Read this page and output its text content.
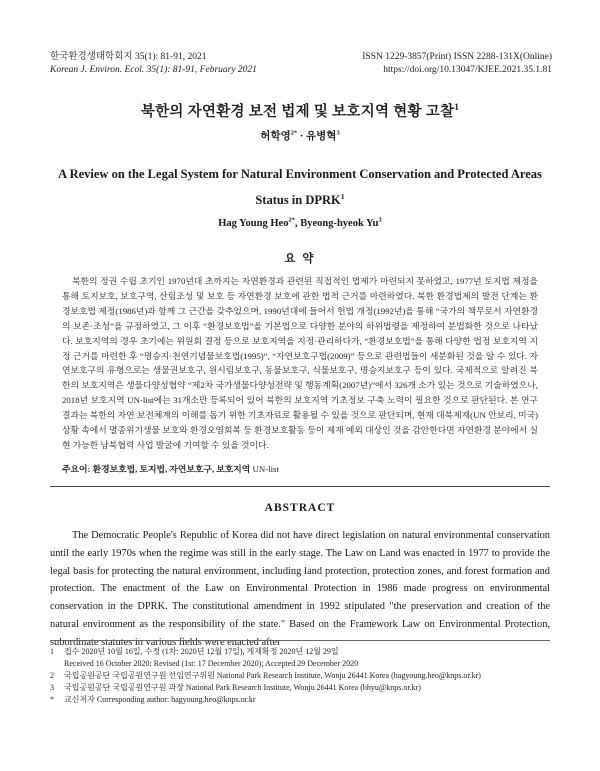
한국환경생태학회지 35(1): 81-91, 2021
Korean J. Environ. Ecol. 35(1): 81-91, February 2021
ISSN 1229-3857(Print) ISSN 2288-131X(Online)
https://doi.org/10.13047/KJEE.2021.35.1.81
북한의 자연환경 보전 법제 및 보호지역 현황 고찰$^1$
허학영$^{2*}$ · 유병혁$^3$
A Review on the Legal System for Natural Environment Conservation and Protected Areas
Status in DPRK$^1$
Hag Young Heo$^{2*}$, Byeong-hyeok Yu$^3$
요 약
북한의 정권 수립 초기인 1970년대 초까지는 자연환경과 관련된 직접적인 법제가 마련되지 못하였고, 1977년 토지법 제정을 통해 토지보호, 보호구역, 산림조성 및 보호 등 자연환경 보호에 관한 법적 근거를 마련하였다. 북한 환경법제의 발전 단계는 환경보호법 제정(1986년)과 함께 그 근간을 갖추었으며, 1990년대에 들어서 헌법 개정(1992년)을 통해 “국가의 책무로서 자연환경의 보존·조성”을 규정하였고, 그 이후 “환경보호법”을 기본법으로 다양한 분야의 하위법령을 제정하여 분법화한 것으로 나타났다. 보호지역의 경우 초기에는 위원회 결정 등으로 보호지역을 지정·관리하다가, “환경보호법”을 통해 다양한 법정 보호지역 지정 근거를 마련한 후 “명승지·천연기념물보호법(1995)”, “자연보호구법(2009)” 등으로 관련법들이 세분화된 것을 알 수 있다. 자연보호구의 유형으로는 생물권보호구, 원시림보호구, 동물보호구, 식물보호구, 명승지보호구 등이 있다. 국제적으로 알려진 북한의 보호지역은 생물다양성협약 “제2차 국가생물다양성전략 및 행동계획(2007년)”에서 326개 소가 있는 것으로 기술하였으나, 2018년 보호지역 UN-list에는 31개소만 등록되어 있어 북한의 보호지역 기초정보 구축 노력이 필요한 것으로 판단된다. 본 연구 결과는 북한의 자연 보전체계의 이해를 돕기 위한 기초자료로 활용될 수 있을 것으로 판단되며, 현재 대북제재(UN 안보리, 미국) 상황 속에서 멸종위기생물 보호와 환경오염회복 등 환경보호활동 등이 제재 예외 대상인 것을 감안한다면 자연환경 분야에서 실현 가능한 남북협력 사업 발굴에 기여할 수 있을 것이다.
주요어: 환경보호법, 토지법, 자연보호구, 보호지역 UN-list
ABSTRACT
The Democratic People's Republic of Korea did not have direct legislation on natural environmental conservation until the early 1970s when the regime was still in the early stage. The Law on Land was enacted in 1977 to provide the legal basis for protecting the natural environment, including land protection, protection zones, and forest formation and protection. The enactment of the Law on Environmental Protection in 1986 made progress on environmental conservation in the DPRK. The constitutional amendment in 1992 stipulated "the preservation and creation of the natural environment as the responsibility of the state." Based on the Framework Law on Environmental Protection, subordinate statutes in various fields were enacted after
1 접수 2020년 10월 16일, 수정 (1차: 2020년 12월 17일), 게재확정 2020년 12월 29일
Received 16 October 2020; Revised (1st: 17 December 2020); Accepted 29 December 2020
2 국립공원공단 국립공원연구원 선임연구위원 National Park Research Institute, Wonju 26441 Korea (hagyoung.heo@knps.or.kr)
3 국립공원공단 국립공원연구원 과장 National Park Research Institute, Wonju 26441 Korea (bhyu@knps.or.kr)
* 교신저자 Corresponding author: hagyoung.heo@knps.or.kr
